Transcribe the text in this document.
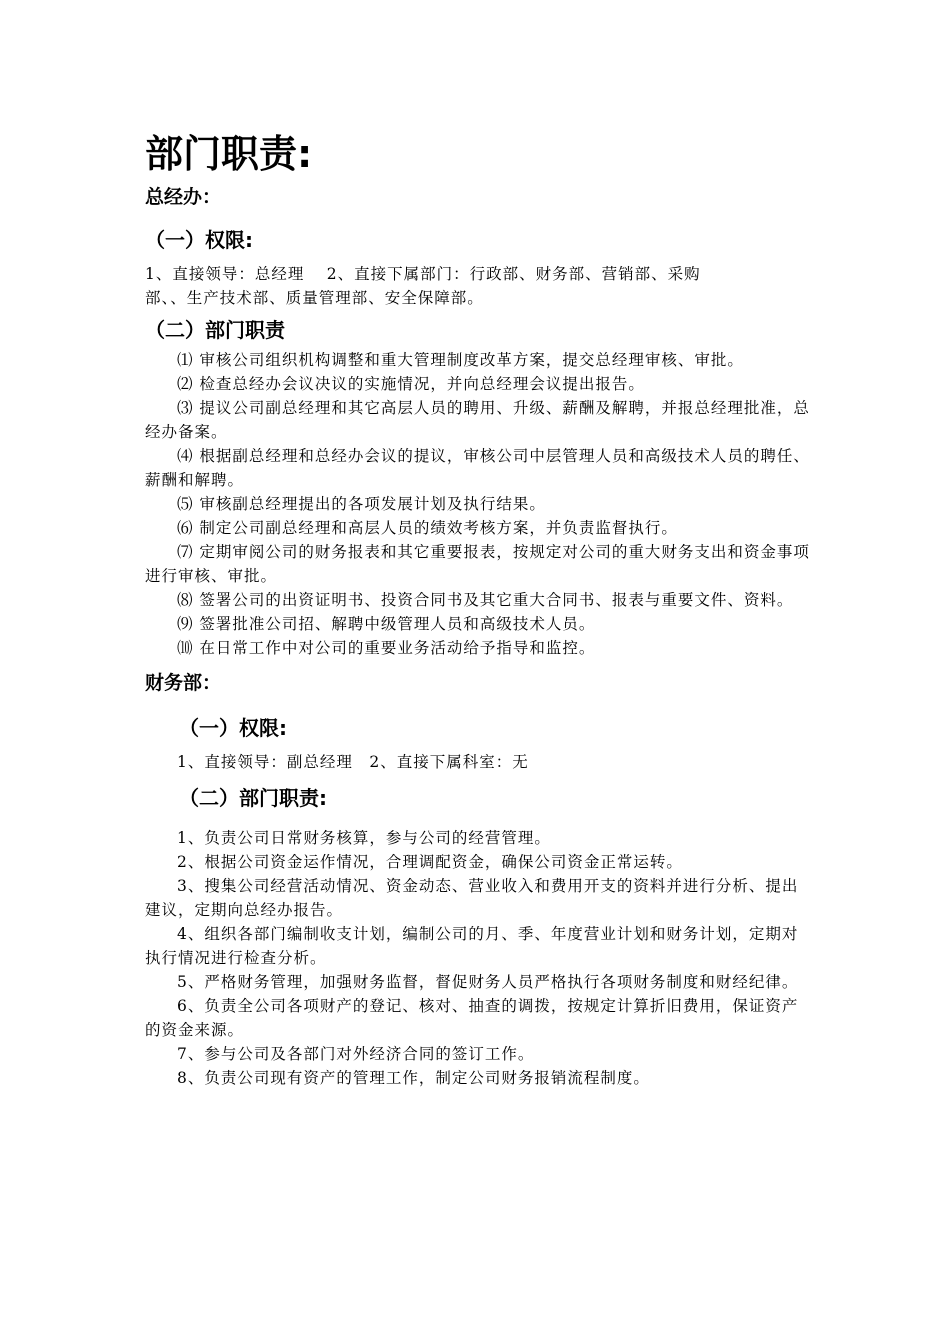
部门职责:
总经办：
（一）权限:

1、直接领导：总经理　 2、直接下属部门：行政部、财务部、营销部、采购

部、、生产技术部、质量管理部、安全保障部。

（二）部门职责

⑴ 审核公司组织机构调整和重大管理制度改革方案，提交总经理审核、审批。

⑵ 检查总经办会议决议的实施情况，并向总经理会议提出报告。

⑶ 提议公司副总经理和其它高层人员的聘用、升级、薪酬及解聘，并报总经理批准，总经办备案。

⑷ 根据副总经理和总经办会议的提议，审核公司中层管理人员和高级技术人员的聘任、薪酬和解聘。

⑸ 审核副总经理提出的各项发展计划及执行结果。

⑹ 制定公司副总经理和高层人员的绩效考核方案，并负责监督执行。

⑺ 定期审阅公司的财务报表和其它重要报表，按规定对公司的重大财务支出和资金事项进行审核、审批。

⑻ 签署公司的出资证明书、投资合同书及其它重大合同书、报表与重要文件、资料。

⑼ 签署批准公司招、解聘中级管理人员和高级技术人员。

⑽ 在日常工作中对公司的重要业务活动给予指导和监控。

财务部：
（一）权限:

1、直接领导：副总经理　2、直接下属科室：无

（二）部门职责:

1、负责公司日常财务核算，参与公司的经营管理。

2、根据公司资金运作情况，合理调配资金，确保公司资金正常运转。

3、搜集公司经营活动情况、资金动态、营业收入和费用开支的资料并进行分析、提出建议，定期向总经办报告。

4、组织各部门编制收支计划，编制公司的月、季、年度营业计划和财务计划，定期对执行情况进行检查分析。

5、严格财务管理，加强财务监督，督促财务人员严格执行各项财务制度和财经纪律。

6、负责全公司各项财产的登记、核对、抽查的调拨，按规定计算折旧费用，保证资产的资金来源。

7、参与公司及各部门对外经济合同的签订工作。

8、负责公司现有资产的管理工作，制定公司财务报销流程制度。
